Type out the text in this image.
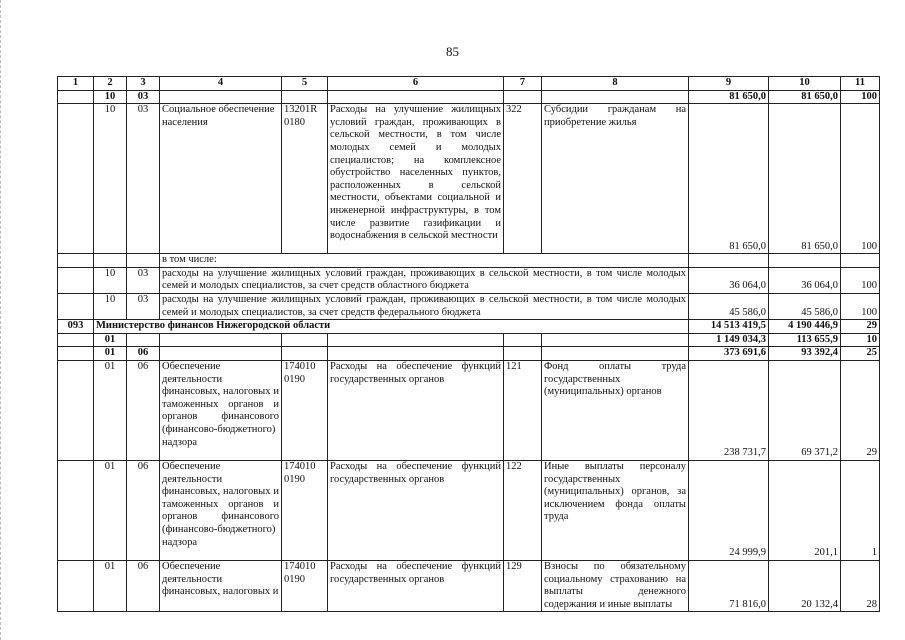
85
1	2	3	4	5	6	7	8	9	10	11
	10	03						81 650,0	81 650,0	100
	10	03	Социальное обеспечение населения	13201R 0180	Расходы на улучшение жилищных условий граждан, проживающих в сельской местности, в том числе молодых семей и молодых специалистов; на комплексное обустройство населенных пунктов, расположенных в сельской местности, объектами социальной и инженерной инфраструктуры, в том числе развитие газификации и водоснабжения в сельской местности	322	Субсидии гражданам на приобретение жилья	81 650,0	81 650,0	100
			в том числе:							
	10	03	расходы на улучшение жилищных условий граждан, проживающих в сельской местности, в том числе молодых семей и молодых специалистов, за счет средств областного бюджета					36 064,0	36 064,0	100
	10	03	расходы на улучшение жилищных условий граждан, проживающих в сельской местности, в том числе молодых семей и молодых специалистов, за счет средств федерального бюджета					45 586,0	45 586,0	100
093	Министерство финансов Нижегородской области							14 513 419,5	4 190 446,9	29
	01							1 149 034,3	113 655,9	10
	01	06						373 691,6	93 392,4	25
	01	06	Обеспечение деятельности финансовых, налоговых и таможенных органов и органов финансового (финансово-бюджетного) надзора	174010 0190	Расходы на обеспечение функций государственных органов	121	Фонд оплаты труда государственных (муниципальных) органов	238 731,7	69 371,2	29
	01	06	Обеспечение деятельности финансовых, налоговых и таможенных органов и органов финансового (финансово-бюджетного) надзора	174010 0190	Расходы на обеспечение функций государственных органов	122	Иные выплаты персоналу государственных (муниципальных) органов, за исключением фонда оплаты труда	24 999,9	201,1	1
	01	06	Обеспечение деятельности финансовых, налоговых и	174010 0190	Расходы на обеспечение функций государственных органов	129	Взносы по обязательному социальному страхованию на выплаты денежного содержания и иные выплаты	71 816,0	20 132,4	28
